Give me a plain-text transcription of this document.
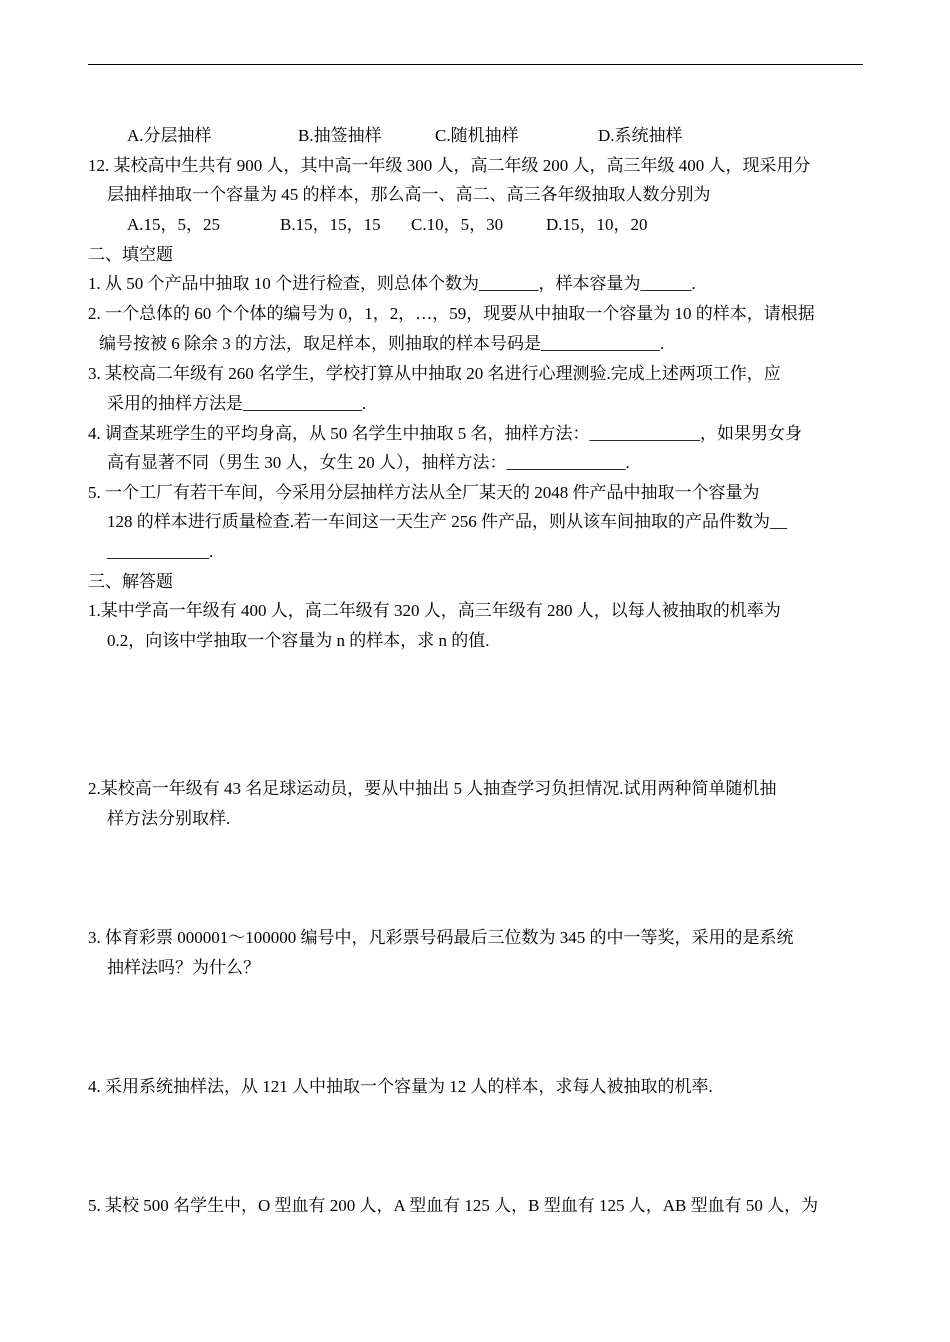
A.分层抽样	B.抽签抽样	C.随机抽样	D.系统抽样
12. 某校高中生共有 900 人，其中高一年级 300 人，高二年级 200 人，高三年级 400 人，现采用分
层抽样抽取一个容量为 45 的样本，那么高一、高二、高三各年级抽取人数分别为
A.15，5，25	B.15，15，15 C.10，5，30	D.15，10，20
二、填空题
1. 从 50 个产品中抽取 10 个进行检查，则总体个数为_______，样本容量为______.
2. 一个总体的 60 个个体的编号为 0，1，2，…，59，现要从中抽取一个容量为 10 的样本，请根据
编号按被 6 除余 3 的方法，取足样本，则抽取的样本号码是______________.
3. 某校高二年级有 260 名学生，学校打算从中抽取 20 名进行心理测验.完成上述两项工作，应
采用的抽样方法是______________.
4. 调查某班学生的平均身高，从 50 名学生中抽取 5 名，抽样方法：_____________，如果男女身
高有显著不同（男生 30 人，女生 20 人），抽样方法：______________.
5. 一个工厂有若干车间，今采用分层抽样方法从全厂某天的 2048 件产品中抽取一个容量为
128 的样本进行质量检查.若一车间这一天生产 256 件产品，则从该车间抽取的产品件数为__
____________.
三、解答题
1.某中学高一年级有 400 人，高二年级有 320 人，高三年级有 280 人，以每人被抽取的机率为
0.2，向该中学抽取一个容量为 n 的样本，求 n 的值.
2.某校高一年级有 43 名足球运动员，要从中抽出 5 人抽查学习负担情况.试用两种简单随机抽
样方法分别取样.
3. 体育彩票 000001～100000 编号中，凡彩票号码最后三位数为 345 的中一等奖，采用的是系统
抽样法吗？为什么？
4. 采用系统抽样法，从 121 人中抽取一个容量为 12 人的样本，求每人被抽取的机率.
5. 某校 500 名学生中，O 型血有 200 人，A 型血有 125 人，B 型血有 125 人，AB 型血有 50 人，为
